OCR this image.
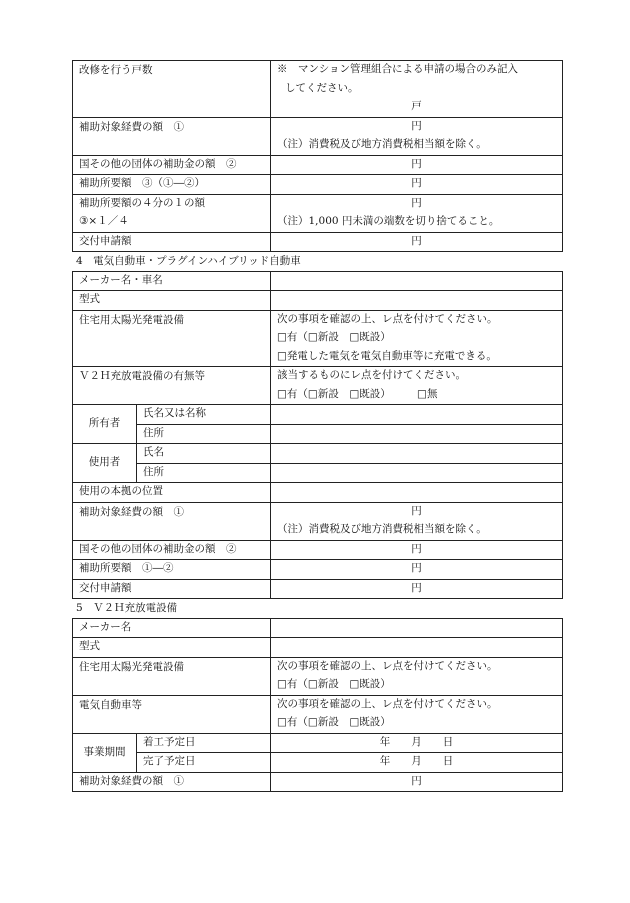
改修を行う戸数	※　マンション管理組合による申請の場合のみ記入
	してください。
	戸
補助対象経費の額　①	円
	（注）消費税及び地方消費税相当額を除く。
国その他の団体の補助金の額　②	円
補助所要額　③（①―②）	円
補助所要額の４分の１の額	円
③×１／４	（注）1,000 円未満の端数を切り捨てること。
交付申請額	円
4　電気自動車・プラグインハイブリッド自動車
メーカー名・車名		
型式		
住宅用太陽光発電設備		次の事項を確認の上、レ点を付けてください。
		□有（□新設　□既設）
		□発電した電気を電気自動車等に充電できる。
Ｖ２Ｈ充放電設備の有無等		該当するものにレ点を付けてください。
		□有（□新設　□既設）　　　□無
所有者	氏名又は名称	
	住所	
使用者	氏名	
	住所	
使用の本拠の位置		
補助対象経費の額　①		円
		（注）消費税及び地方消費税相当額を除く。
国その他の団体の補助金の額　②		円
補助所要額　①―②		円
交付申請額		円
5　Ｖ２Ｈ充放電設備
メーカー名		
型式		
住宅用太陽光発電設備		次の事項を確認の上、レ点を付けてください。
		□有（□新設　□既設）
電気自動車等		次の事項を確認の上、レ点を付けてください。
		□有（□新設　□既設）
事業期間	着工予定日	年　　月　　日
	完了予定日	年　　月　　日
補助対象経費の額　①		円
